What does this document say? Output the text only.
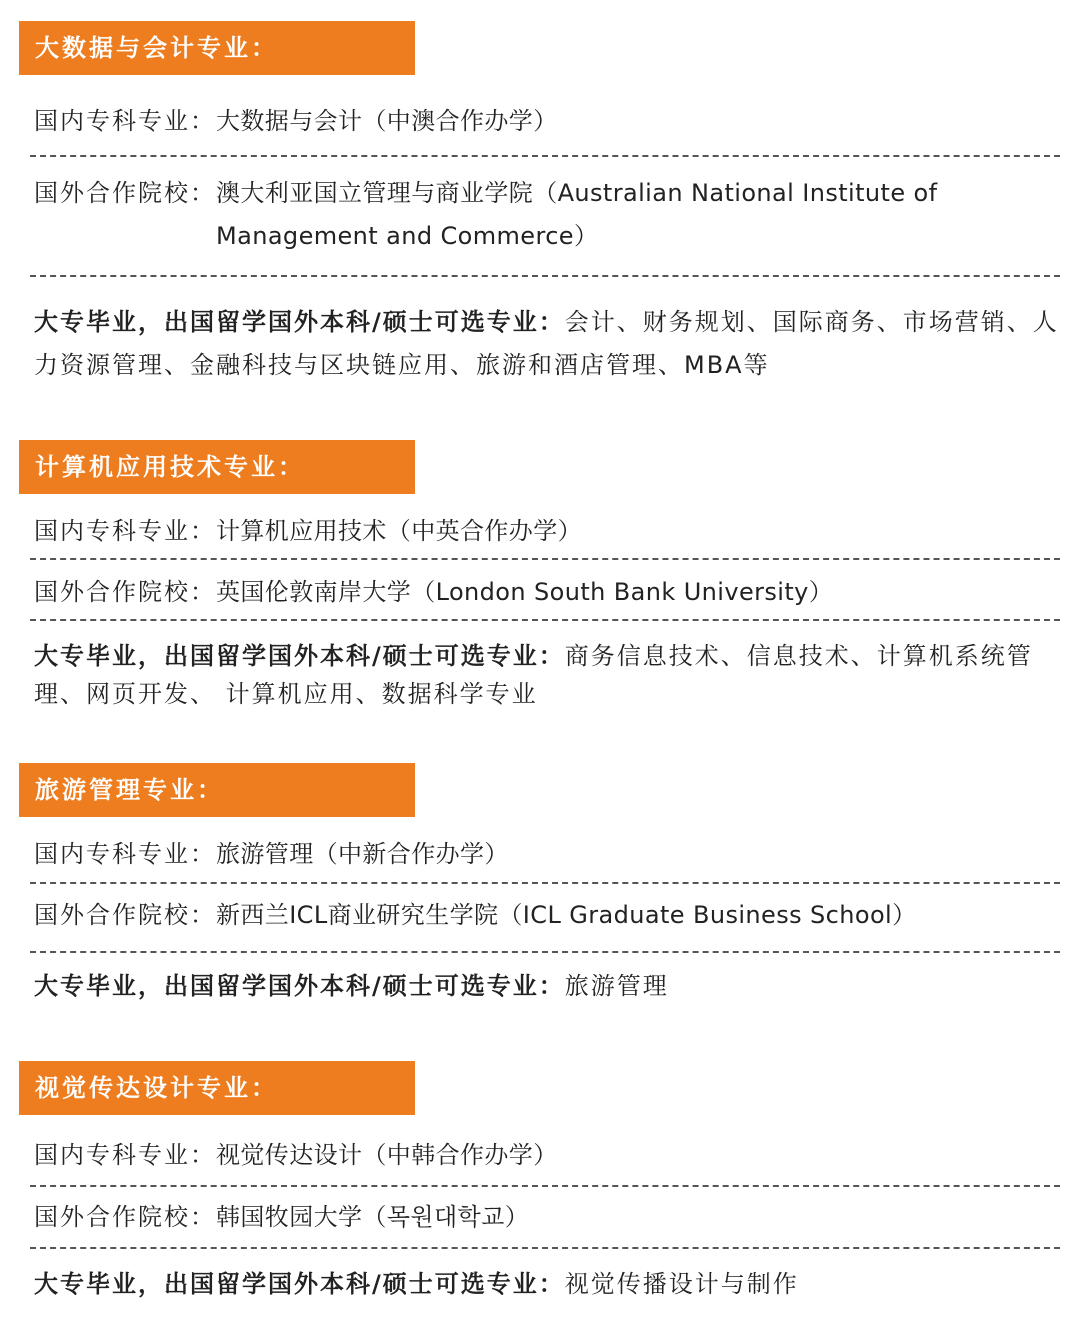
大数据与会计专业：
国内专科专业： 大数据与会计（中澳合作办学）
国外合作院校： 澳大利亚国立管理与商业学院（Australian National Institute of Management and Commerce）
大专毕业，出国留学国外本科/硕士可选专业：会计、财务规划、国际商务、市场营销、人力资源管理、金融科技与区块链应用、旅游和酒店管理、MBA等
计算机应用技术专业：
国内专科专业： 计算机应用技术（中英合作办学）
国外合作院校： 英国伦敦南岸大学（London South Bank University）
大专毕业，出国留学国外本科/硕士可选专业：商务信息技术、信息技术、计算机系统管理、网页开发、 计算机应用、数据科学专业
旅游管理专业：
国内专科专业： 旅游管理（中新合作办学）
国外合作院校： 新西兰ICL商业研究生学院（ICL Graduate Business School）
大专毕业，出国留学国外本科/硕士可选专业： 旅游管理
视觉传达设计专业：
国内专科专业： 视觉传达设计（中韩合作办学）
国外合作院校： 韩国牧园大学（목원대학교）
大专毕业，出国留学国外本科/硕士可选专业： 视觉传播设计与制作
